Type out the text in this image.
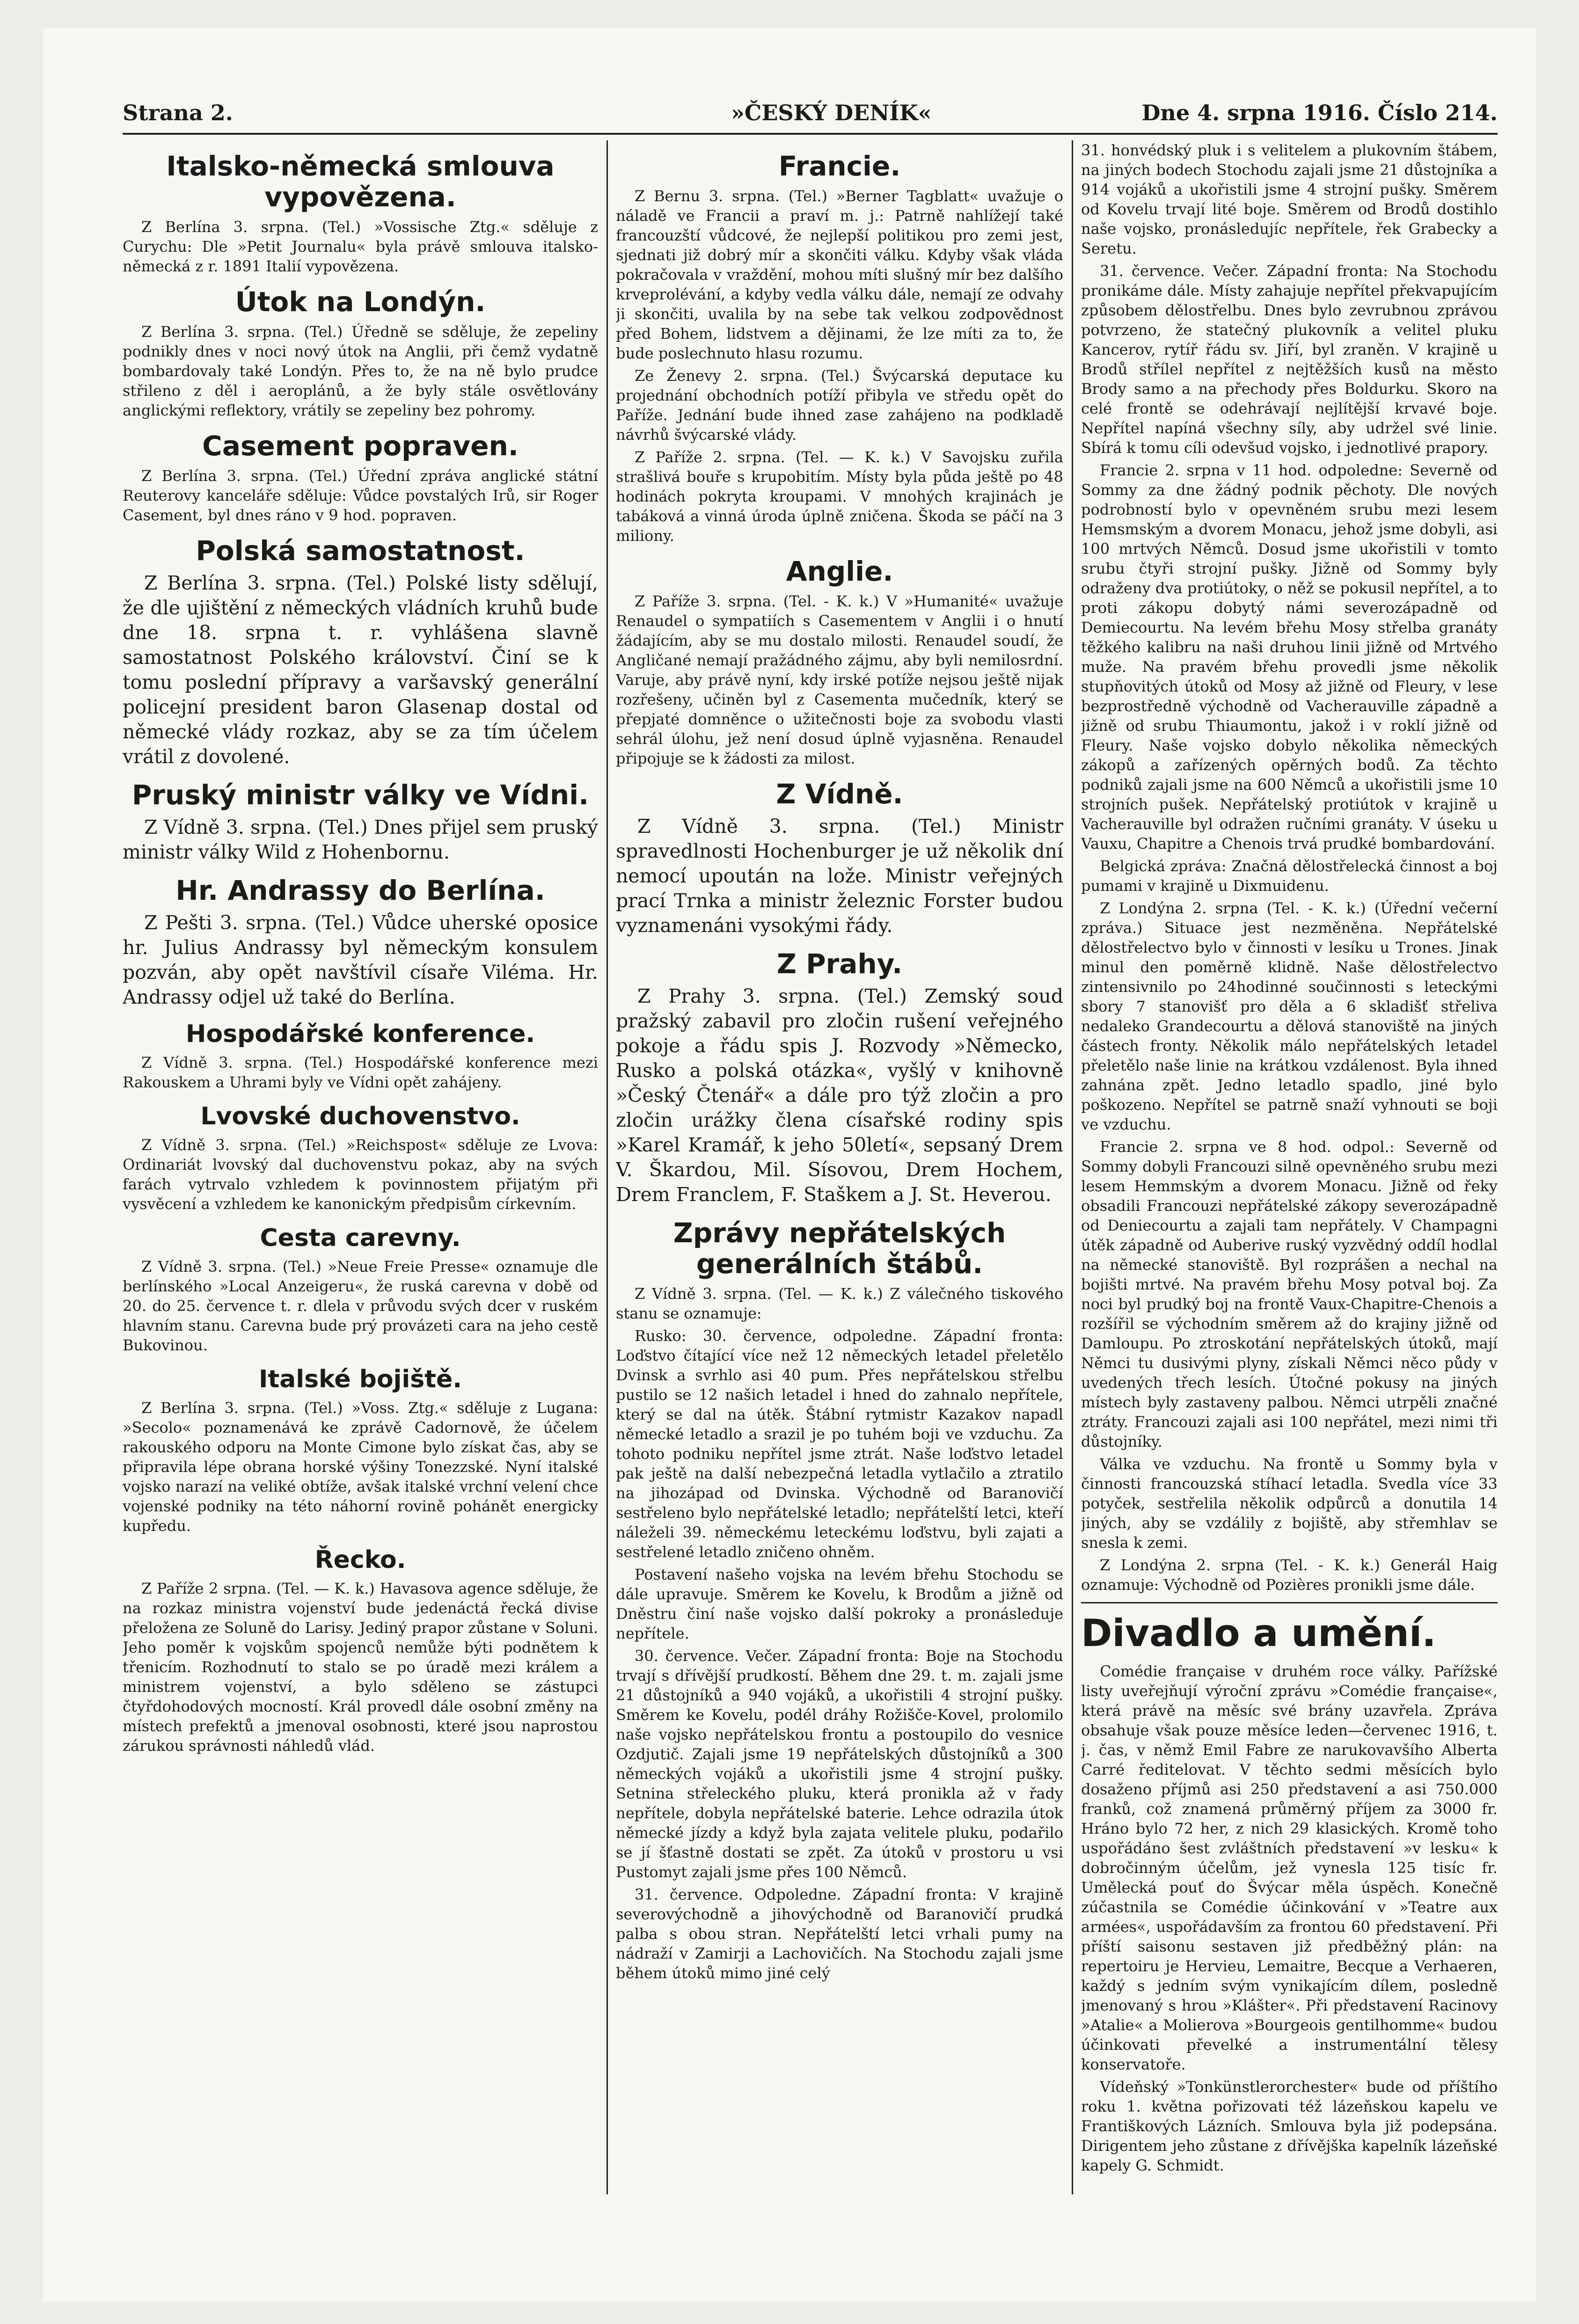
Strana 2.	»ČESKÝ DENÍK«	Dne 4. srpna 1916. Číslo 214.
Italsko-německá smlouva vypovězena.

Z Berlína 3. srpna. (Tel.) »Vossische Ztg.« sděluje z Curychu: Dle »Petit Journalu« byla právě smlouva italsko-německá z r. 1891 Italií vypovězena.

Útok na Londýn.

Z Berlína 3. srpna. (Tel.) Úředně se sděluje, že zepeliny podnikly dnes v noci nový útok na Anglii, při čemž vydatně bombardovaly také Londýn. Přes to, že na ně bylo prudce střileno z děl i aeroplánů, a že byly stále osvětlovány anglickými reflektory, vrátily se zepeliny bez pohromy.

Casement popraven.

Z Berlína 3. srpna. (Tel.) Úřední zpráva anglické státní Reuterovy kanceláře sděluje: Vůdce povstalých Irů, sir Roger Casement, byl dnes ráno v 9 hod. popraven.

Polská samostatnost.

Z Berlína 3. srpna. (Tel.) Polské listy sdělují, že dle ujištění z německých vládních kruhů bude dne 18. srpna t. r. vyhlášena slavně samostatnost Polského království. Činí se k tomu poslední přípravy a varšavský generální policejní president baron Glasenap dostal od německé vlády rozkaz, aby se za tím účelem vrátil z dovolené.

Pruský ministr války ve Vídni.

Z Vídně 3. srpna. (Tel.) Dnes přijel sem pruský ministr války Wild z Hohenbornu.

Hr. Andrassy do Berlína.

Z Pešti 3. srpna. (Tel.) Vůdce uherské oposice hr. Julius Andrassy byl německým konsulem pozván, aby opět navštívil císaře Viléma. Hr. Andrassy odjel už také do Berlína.

Hospodářské konference.

Z Vídně 3. srpna. (Tel.) Hospodářské konference mezi Rakouskem a Uhrami byly ve Vídni opět zahájeny.

Lvovské duchovenstvo.

Z Vídně 3. srpna. (Tel.) »Reichspost« sděluje ze Lvova: Ordinariát lvovský dal duchovenstvu pokaz, aby na svých farách vytrvalo vzhledem k povinnostem přijatým při vysvěcení a vzhledem ke kanonickým předpisům církevním.

Cesta carevny.

Z Vídně 3. srpna. (Tel.) »Neue Freie Presse« oznamuje dle berlínského »Local Anzeigeru«, že ruská carevna v době od 20. do 25. července t. r. dlela v průvodu svých dcer v ruském hlavním stanu. Carevna bude prý provázeti cara na jeho cestě Bukovinou.

Italské bojiště.

Z Berlína 3. srpna. (Tel.) »Voss. Ztg.« sděluje z Lugana: »Secolo« poznamenává ke zprávě Cadornově, že účelem rakouského odporu na Monte Cimone bylo získat čas, aby se připravila lépe obrana horské výšiny Tonezzské. Nyní italské vojsko narazí na veliké obtíže, avšak italské vrchní velení chce vojenské podniky na této náhorní rovině pohánět energicky kupředu.

Řecko.

Z Paříže 2 srpna. (Tel. — K. k.) Havasova agence sděluje, že na rozkaz ministra vojenství bude jedenáctá řecká divise přeložena ze Soluně do Larisy. Jediný prapor zůstane v Soluni. Jeho poměr k vojskům spojenců nemůže býti podnětem k třenicím. Rozhodnutí to stalo se po úradě mezi králem a ministrem vojenství, a bylo sděleno se zástupci čtyřdohodových mocností. Král provedl dále osobní změny na místech prefektů a jmenoval osobnosti, které jsou naprostou zárukou správnosti náhledů vlád.

Francie.

Z Bernu 3. srpna. (Tel.) »Berner Tagblatt« uvažuje o náladě ve Francii a praví m. j.: Patrně nahlížejí také francouzští vůdcové, že nejlepší politikou pro zemi jest, sjednati již dobrý mír a skončiti válku. Kdyby však vláda pokračovala v vraždění, mohou míti slušný mír bez dalšího krveprolévání, a kdyby vedla válku dále, nemají ze odvahy ji skončiti, uvalila by na sebe tak velkou zodpovědnost před Bohem, lidstvem a dějinami, že lze míti za to, že bude poslechnuto hlasu rozumu.

Ze Ženevy 2. srpna. (Tel.) Švýcarská deputace ku projednání obchodních potíží přibyla ve středu opět do Paříže. Jednání bude ihned zase zahájeno na podkladě návrhů švýcarské vlády.

Z Paříže 2. srpna. (Tel. — K. k.) V Savojsku zuřila strašlivá bouře s krupobitím. Místy byla půda ještě po 48 hodinách pokryta kroupami. V mnohých krajinách je tabáková a vinná úroda úplně zničena. Škoda se páčí na 3 miliony.

Anglie.

Z Paříže 3. srpna. (Tel. - K. k.) V »Humanité« uvažuje Renaudel o sympatiích s Casementem v Anglii i o hnutí žádajícím, aby se mu dostalo milosti. Renaudel soudí, že Angličané nemají pražádného zájmu, aby byli nemilosrdní. Varuje, aby právě nyní, kdy irské potíže nejsou ještě nijak rozřešeny, učiněn byl z Casementa mučedník, který se přepjaté domněnce o užitečnosti boje za svobodu vlasti sehrál úlohu, jež není dosud úplně vyjasněna. Renaudel připojuje se k žádosti za milost.

Z Vídně.

Z Vídně 3. srpna. (Tel.) Ministr spravedlnosti Hochenburger je už několik dní nemocí upoután na lože. Ministr veřejných prací Trnka a ministr železnic Forster budou vyznamenáni vysokými řády.

Z Prahy.

Z Prahy 3. srpna. (Tel.) Zemský soud pražský zabavil pro zločin rušení veřejného pokoje a řádu spis J. Rozvody »Německo, Rusko a polská otázka«, vyšlý v knihovně »Český Čtenář« a dále pro týž zločin a pro zločin urážky člena císařské rodiny spis »Karel Kramář, k jeho 50letí«, sepsaný Drem V. Škardou, Mil. Sísovou, Drem Hochem, Drem Franclem, F. Staškem a J. St. Heverou.

Zprávy nepřátelských generálních štábů.

Z Vídně 3. srpna. (Tel. — K. k.) Z válečného tiskového stanu se oznamuje:

Rusko: 30. července, odpoledne. Západní fronta: Loďstvo čítající více než 12 německých letadel přeletělo Dvinsk a svrhlo asi 40 pum. Přes nepřátelskou střelbu pustilo se 12 našich letadel i hned do zahnalo nepřítele, který se dal na útěk. Štábní rytmistr Kazakov napadl německé letadlo a srazil je po tuhém boji ve vzduchu. Za tohoto podniku nepřítel jsme ztrát. Naše loďstvo letadel pak ještě na další nebezpečná letadla vytlačilo a ztratilo na jihozápad od Dvinska. Východně od Baranovičí sestřeleno bylo nepřátelské letadlo; nepřátelští letci, kteří náleželi 39. německému leteckému loďstvu, byli zajati a sestřelené letadlo zničeno ohněm.

Postavení našeho vojska na levém břehu Stochodu se dále upravuje. Směrem ke Kovelu, k Brodům a jižně od Dněstru činí naše vojsko další pokroky a pronásleduje nepřítele.

30. července. Večer. Západní fronta: Boje na Stochodu trvají s dřívější prudkostí. Během dne 29. t. m. zajali jsme 21 důstojníků a 940 vojáků, a ukořistili 4 strojní pušky. Směrem ke Kovelu, podél dráhy Rožišče-Kovel, prolomilo naše vojsko nepřátelskou frontu a postoupilo do vesnice Ozdjutič. Zajali jsme 19 nepřátelských důstojníků a 300 německých vojáků a ukořistili jsme 4 strojní pušky. Setnina střeleckého pluku, která pronikla až v řady nepřítele, dobyla nepřátelské baterie. Lehce odrazila útok německé jízdy a když byla zajata velitele pluku, podařilo se jí šťastně dostati se zpět. Za útoků v prostoru u vsi Pustomyt zajali jsme přes 100 Němců.

31. července. Odpoledne. Západní fronta: V krajině severovýchodně a jihovýchodně od Baranovičí prudká palba s obou stran. Nepřátelští letci vrhali pumy na nádraží v Zamirji a Lachovičích. Na Stochodu zajali jsme během útoků mimo jiné celý

31. honvédský pluk i s velitelem a plukovním štábem, na jiných bodech Stochodu zajali jsme 21 důstojníka a 914 vojáků a ukořistili jsme 4 strojní pušky. Směrem od Kovelu trvají lité boje. Směrem od Brodů dostihlo naše vojsko, pronásledujíc nepřítele, řek Grabecky a Seretu.

31. července. Večer. Západní fronta: Na Stochodu pronikáme dále. Místy zahajuje nepřítel překvapujícím způsobem dělostřelbu. Dnes bylo zevrubnou zprávou potvrzeno, že statečný plukovník a velitel pluku Kancerov, rytíř řádu sv. Jiří, byl zraněn. V krajině u Brodů střílel nepřítel z nejtěžších kusů na město Brody samo a na přechody přes Boldurku. Skoro na celé frontě se odehrávají nejlítější krvavé boje. Nepřítel napíná všechny síly, aby udržel své linie. Sbírá k tomu cíli odevšud vojsko, i jednotlivé prapory.

Francie 2. srpna v 11 hod. odpoledne: Severně od Sommy za dne žádný podnik pěchoty. Dle nových podrobností bylo v opevněném srubu mezi lesem Hemsmským a dvorem Monacu, jehož jsme dobyli, asi 100 mrtvých Němců. Dosud jsme ukořistili v tomto srubu čtyři strojní pušky. Jižně od Sommy byly odraženy dva protiútoky, o něž se pokusil nepřítel, a to proti zákopu dobytý námi severozápadně od Demiecourtu. Na levém břehu Mosy střelba granáty těžkého kalibru na naši druhou linii jižně od Mrtvého muže. Na pravém břehu provedli jsme několik stupňovitých útoků od Mosy až jižně od Fleury, v lese bezprostředně východně od Vacherauville západně a jižně od srubu Thiaumontu, jakož i v roklí jižně od Fleury. Naše vojsko dobylo několika německých zákopů a zařízených opěrných bodů. Za těchto podniků zajali jsme na 600 Němců a ukořistili jsme 10 strojních pušek. Nepřátelský protiútok v krajině u Vacherauville byl odražen ručními granáty. V úseku u Vauxu, Chapitre a Chenois trvá prudké bombardování.

Belgická zpráva: Značná dělostřelecká činnost a boj pumami v krajině u Dixmuidenu.

Z Londýna 2. srpna (Tel. - K. k.) (Úřední večerní zpráva.) Situace jest nezměněna. Nepřátelské dělostřelectvo bylo v činnosti v lesíku u Trones. Jinak minul den poměrně klidně. Naše dělostřelectvo zintensivnilo po 24hodinné součinnosti s leteckými sbory 7 stanovišť pro děla a 6 skladišť střeliva nedaleko Grandecourtu a dělová stanoviště na jiných částech fronty. Několik málo nepřátelských letadel přeletělo naše linie na krátkou vzdálenost. Byla ihned zahnána zpět. Jedno letadlo spadlo, jiné bylo poškozeno. Nepřítel se patrně snaží vyhnouti se boji ve vzduchu.

Francie 2. srpna ve 8 hod. odpol.: Severně od Sommy dobyli Francouzi silně opevněného srubu mezi lesem Hemmským a dvorem Monacu. Jižně od řeky obsadili Francouzi nepřátelské zákopy severozápadně od Deniecourtu a zajali tam nepřátely. V Champagni útěk západně od Auberive ruský vyzvědný oddíl hodlal na německé stanoviště. Byl rozprášen a nechal na bojišti mrtvé. Na pravém břehu Mosy potval boj. Za noci byl prudký boj na frontě Vaux-Chapitre-Chenois a rozšířil se východním směrem až do krajiny jižně od Damloupu. Po ztroskotání nepřátelských útoků, mají Němci tu dusivými plyny, získali Němci něco půdy v uvedených třech lesích. Útočné pokusy na jiných místech byly zastaveny palbou. Němci utrpěli značné ztráty. Francouzi zajali asi 100 nepřátel, mezi nimi tři důstojníky.

Válka ve vzduchu. Na frontě u Sommy byla v činnosti francouzská stíhací letadla. Svedla více 33 potyček, sestřelila několik odpůrců a donutila 14 jiných, aby se vzdálily z bojiště, aby střemhlav se snesla k zemi.

Z Londýna 2. srpna (Tel. - K. k.) Generál Haig oznamuje: Východně od Pozières pronikli jsme dále.

Divadlo a umění.

Comédie française v druhém roce války. Pařížské listy uveřejňují výroční zprávu »Comédie française«, která právě na měsíc své brány uzavřela. Zpráva obsahuje však pouze měsíce leden—červenec 1916, t. j. čas, v němž Emil Fabre ze narukovavšího Alberta Carré ředitelovat. V těchto sedmi měsících bylo dosaženo příjmů asi 250 představení a asi 750.000 franků, což znamená průměrný příjem za 3000 fr. Hráno bylo 72 her, z nich 29 klasických. Kromě toho uspořádáno šest zvláštních představení »v lesku« k dobročinným účelům, jež vynesla 125 tisíc fr. Umělecká pouť do Švýcar měla úspěch. Konečně zúčastnila se Comédie účinkování v »Teatre aux armées«, uspořádavším za frontou 60 představení. Při příští saisonu sestaven již předběžný plán: na repertoiru je Hervieu, Lemaitre, Becque a Verhaeren, každý s jedním svým vynikajícím dílem, posledně jmenovaný s hrou »Klášter«. Při představení Racinovy »Atalie« a Molierova »Bourgeois gentilhomme« budou účinkovati převelké a instrumentální tělesy konservatoře.

Vídeňský »Tonkünstlerorchester« bude od příštího roku 1. května pořizovati též lázeňskou kapelu ve Františkových Lázních. Smlouva byla již podepsána. Dirigentem jeho zůstane z dřívějška kapelník lázeňské kapely G. Schmidt.
